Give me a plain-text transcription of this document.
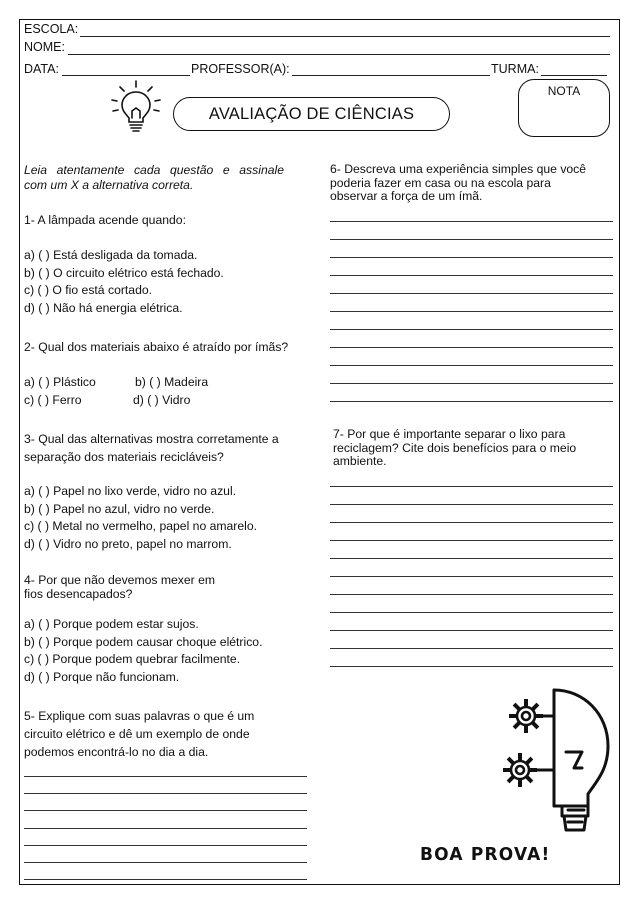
ESCOLA:
NOME:
DATA:	PROFESSOR(A):	TURMA:
AVALIAÇÃO DE CIÊNCIAS
NOTA
Leia atentamente cada questão e assinale
com um X a alternativa correta.
1- A lâmpada acende quando:
a) ( ) Está desligada da tomada.
b) ( ) O circuito elétrico está fechado.
c) ( ) O fio está cortado.
d) ( ) Não há energia elétrica.
2- Qual dos materiais abaixo é atraído por ímãs?
a) ( ) Plástico	b) ( ) Madeira
c) ( ) Ferro	d) ( ) Vidro
3- Qual das alternativas mostra corretamente a
separação dos materiais recicláveis?
a) ( ) Papel no lixo verde, vidro no azul.
b) ( ) Papel no azul, vidro no verde.
c) ( ) Metal no vermelho, papel no amarelo.
d) ( ) Vidro no preto, papel no marrom.
4- Por que não devemos mexer em
fios desencapados?
a) ( ) Porque podem estar sujos.
b) ( ) Porque podem causar choque elétrico.
c) ( ) Porque podem quebrar facilmente.
d) ( ) Porque não funcionam.
5- Explique com suas palavras o que é um
circuito elétrico e dê um exemplo de onde
podemos encontrá-lo no dia a dia.
6- Descreva uma experiência simples que você
poderia fazer em casa ou na escola para
observar a força de um ímã.
7- Por que é importante separar o lixo para
reciclagem? Cite dois benefícios para o meio
ambiente.
BOA PROVA!
